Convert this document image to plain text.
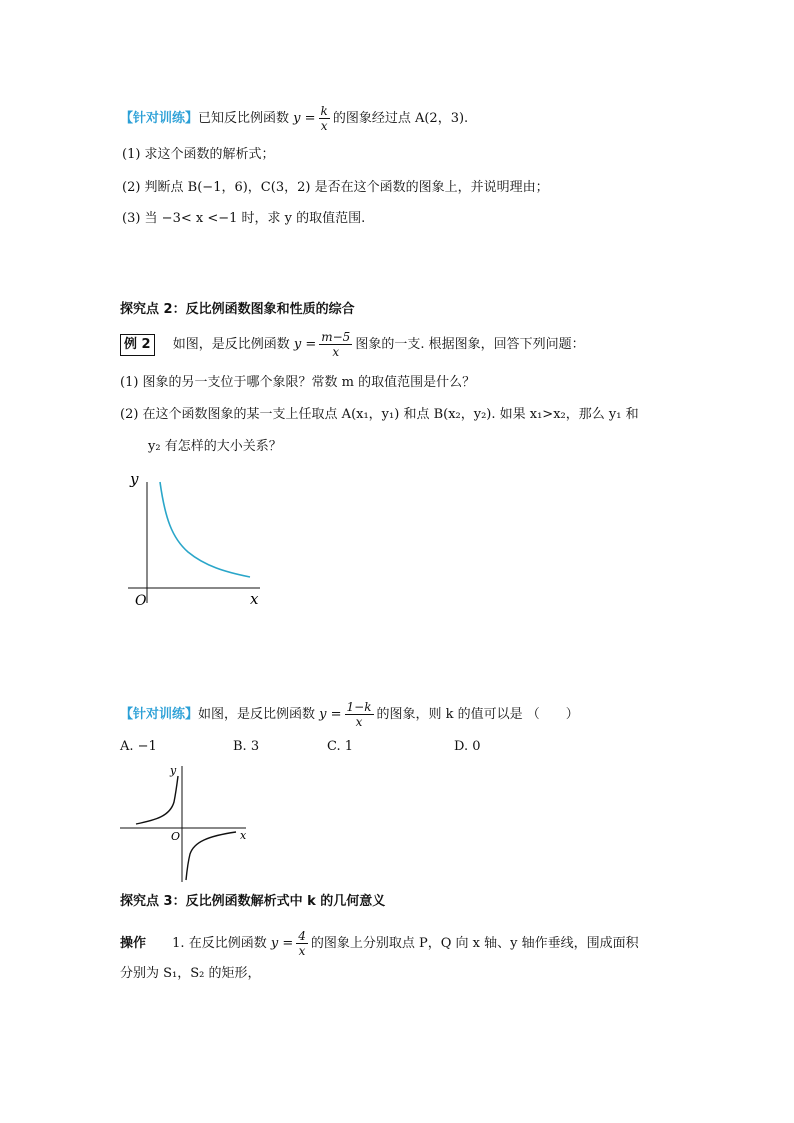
【针对训练】已知反比例函数 $y = \frac{k}{x}$ 的图象经过点 A(2，3).
(1) 求这个函数的解析式；
(2) 判断点 B(−1，6)，C(3，2) 是否在这个函数的图象上，并说明理由；
(3) 当 −3< x <−1 时，求 y 的取值范围.
探究点 2：反比例函数图象和性质的综合
例 2 如图，是反比例函数 $y = \frac{m-5}{x}$ 图象的一支. 根据图象，回答下列问题：
(1) 图象的另一支位于哪个象限？常数 m 的取值范围是什么？
(2) 在这个函数图象的某一支上任取点 A(x₁，y₁) 和点 B(x₂，y₂). 如果 x₁>x₂，那么 y₁ 和
y₂ 有怎样的大小关系？
y
x
O
【针对训练】如图，是反比例函数 $y = \frac{1-k}{x}$ 的图象，则 k 的值可以是 （　　）
A. −1	B. 3	C. 1	D. 0
y
x
O
探究点 3：反比例函数解析式中 k 的几何意义
操作 1. 在反比例函数 $y = \frac{4}{x}$ 的图象上分别取点 P，Q 向 x 轴、y 轴作垂线，围成面积
分别为 S₁，S₂ 的矩形，
